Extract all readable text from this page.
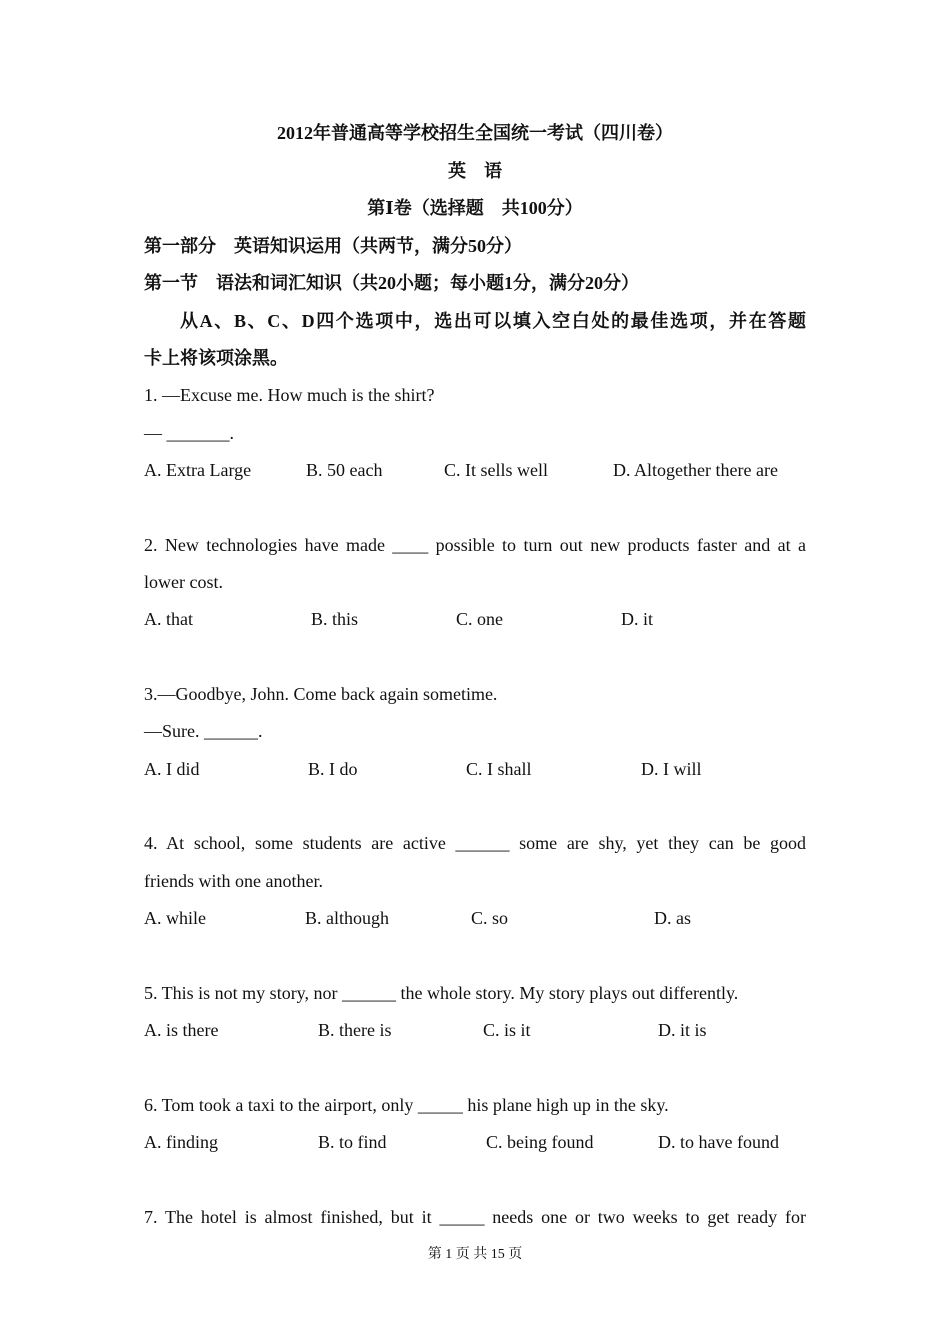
2012年普通高等学校招生全国统一考试（四川卷）
英　语
第Ⅰ卷（选择题　共100分）
第一部分　英语知识运用（共两节，满分50分）
第一节　语法和词汇知识（共20小题；每小题1分，满分20分）
从A、B、C、D四个选项中，选出可以填入空白处的最佳选项，并在答题
卡上将该项涂黑。
1. —Excuse me. How much is the shirt?
— _______.
A. Extra Large	B. 50 each	C. It sells well	D. Altogether there are
2. New technologies have made ____ possible to turn out new products faster and at a
lower cost.
A. that	B. this	C. one	D. it
3.—Goodbye, John. Come back again sometime.
—Sure. ______.
A. I did	B. I do	C. I shall	D. I will
4. At school, some students are active ______ some are shy, yet they can be good
friends with one another.
A. while	B. although	C. so	D. as
5. This is not my story, nor ______ the whole story. My story plays out differently.
A. is there	B. there is	C. is it	D. it is
6. Tom took a taxi to the airport, only _____ his plane high up in the sky.
A. finding	B. to find	C. being found	D. to have found
7. The hotel is almost finished, but it _____ needs one or two weeks to get ready for
第 1 页 共 15 页
